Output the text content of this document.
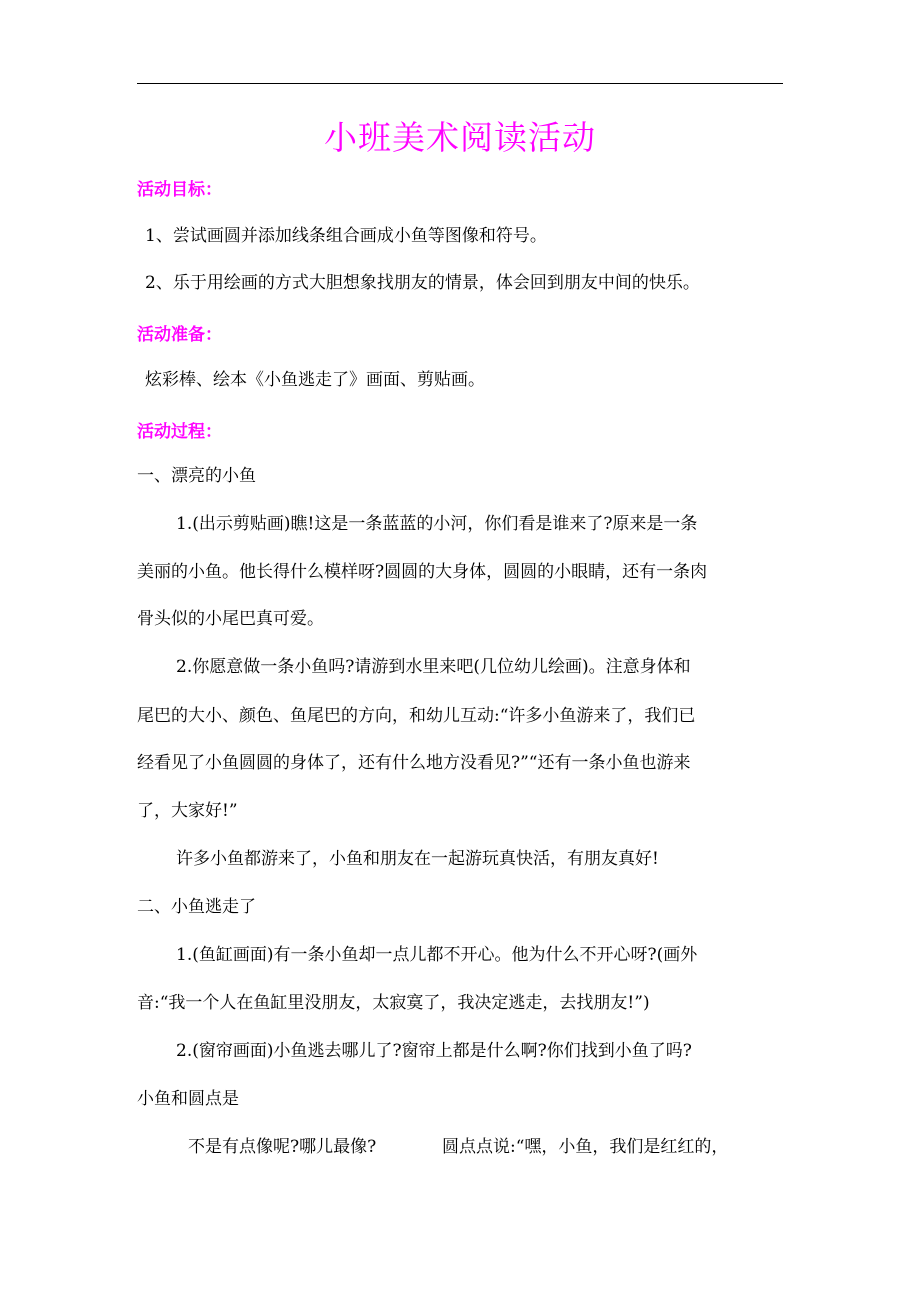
小班美术阅读活动
活动目标：
1、尝试画圆并添加线条组合画成小鱼等图像和符号。
2、乐于用绘画的方式大胆想象找朋友的情景，体会回到朋友中间的快乐。
活动准备：
炫彩棒、绘本《小鱼逃走了》画面、剪贴画。
活动过程：
一、漂亮的小鱼
1.(出示剪贴画)瞧!这是一条蓝蓝的小河，你们看是谁来了?原来是一条
美丽的小鱼。他长得什么模样呀?圆圆的大身体，圆圆的小眼睛，还有一条肉
骨头似的小尾巴真可爱。
2.你愿意做一条小鱼吗?请游到水里来吧(几位幼儿绘画)。注意身体和
尾巴的大小、颜色、鱼尾巴的方向，和幼儿互动:“许多小鱼游来了，我们已
经看见了小鱼圆圆的身体了，还有什么地方没看见?”“还有一条小鱼也游来
了，大家好!”
许多小鱼都游来了，小鱼和朋友在一起游玩真快活，有朋友真好!
二、小鱼逃走了
1.(鱼缸画面)有一条小鱼却一点儿都不开心。他为什么不开心呀?(画外
音:“我一个人在鱼缸里没朋友，太寂寞了，我决定逃走，去找朋友!”)
2.(窗帘画面)小鱼逃去哪儿了?窗帘上都是什么啊?你们找到小鱼了吗?
小鱼和圆点是
不是有点像呢?哪儿最像?	圆点点说:“嘿，小鱼，我们是红红的，
